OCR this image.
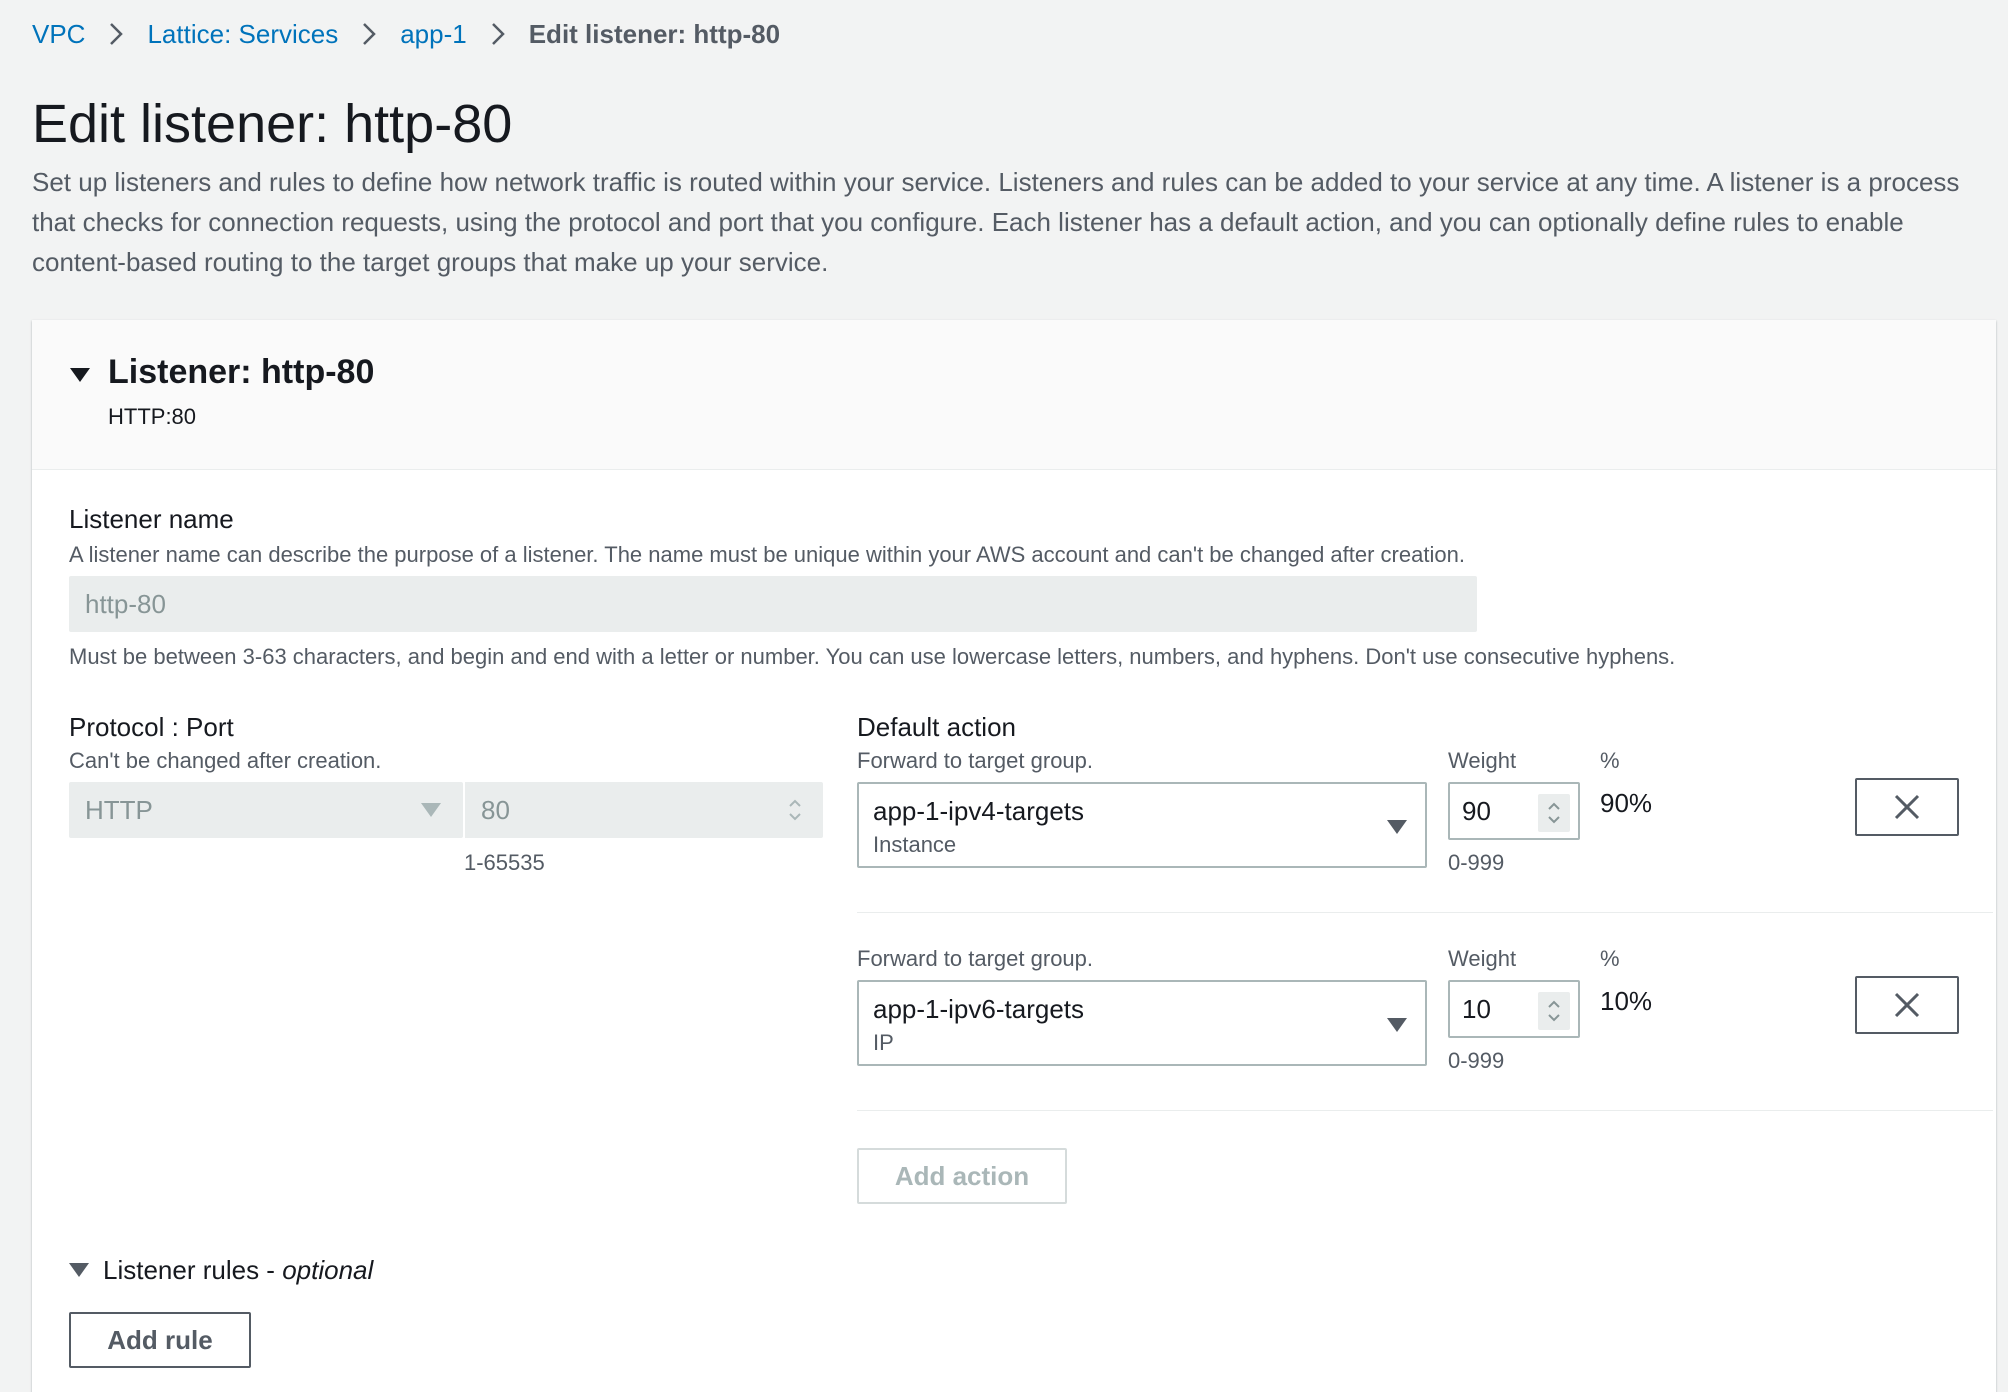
VPC Lattice: Services app-1 Edit listener: http-80
Edit listener: http-80

Set up listeners and rules to define how network traffic is routed within your service. Listeners and rules can be added to your service at any time. A listener is a process that checks for connection requests, using the protocol and port that you configure. Each listener has a default action, and you can optionally define rules to enable content-based routing to the target groups that make up your service.

Listener: http-80
HTTP:80
Listener name
A listener name can describe the purpose of a listener. The name must be unique within your AWS account and can't be changed after creation.
http-80
Must be between 3-63 characters, and begin and end with a letter or number. You can use lowercase letters, numbers, and hyphens. Don't use consecutive hyphens.
Protocol : Port
Can't be changed after creation.
HTTP	80
1-65535
Default action
Forward to target group.	Weight	%
app-1-ipv4-targets
Instance
90	90%
0-999
Forward to target group.	Weight	%
app-1-ipv6-targets
IP
10	10%
0-999
Add action
Listener rules - optional
Add rule
